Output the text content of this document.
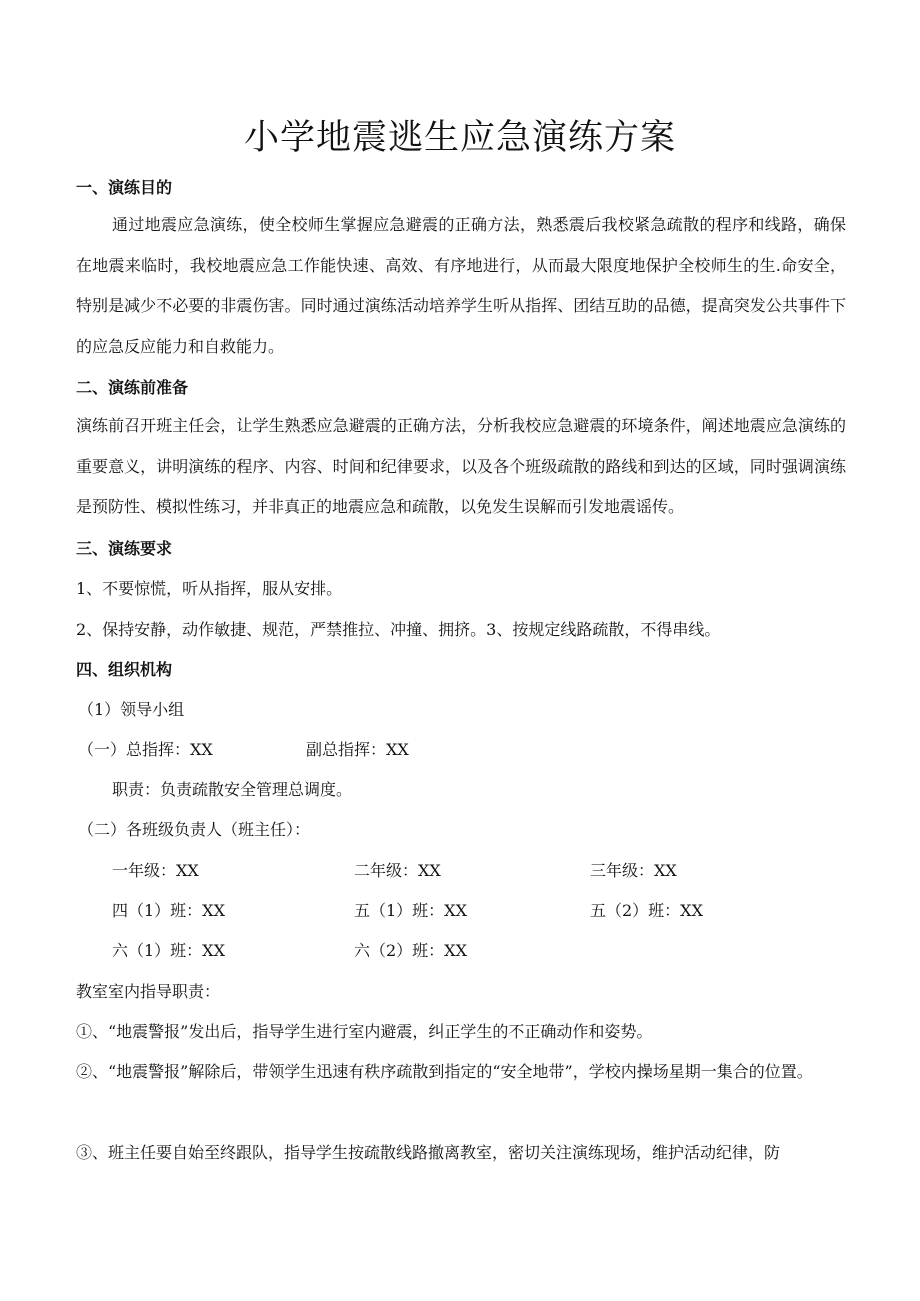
小学地震逃生应急演练方案
一、演练目的
通过地震应急演练，使全校师生掌握应急避震的正确方法，熟悉震后我校紧急疏散的程序和线路，确保在地震来临时，我校地震应急工作能快速、高效、有序地进行，从而最大限度地保护全校师生的生.命安全，特别是减少不必要的非震伤害。同时通过演练活动培养学生听从指挥、团结互助的品德，提高突发公共事件下的应急反应能力和自救能力。
二、演练前准备
演练前召开班主任会，让学生熟悉应急避震的正确方法，分析我校应急避震的环境条件，阐述地震应急演练的重要意义，讲明演练的程序、内容、时间和纪律要求，以及各个班级疏散的路线和到达的区域，同时强调演练是预防性、模拟性练习，并非真正的地震应急和疏散，以免发生误解而引发地震谣传。
三、演练要求
1、不要惊慌，听从指挥，服从安排。
2、保持安静，动作敏捷、规范，严禁推拉、冲撞、拥挤。3、按规定线路疏散，不得串线。
四、组织机构
（1）领导小组
（一）总指挥：XX	副总指挥：XX
职责：负责疏散安全管理总调度。
（二）各班级负责人（班主任）：
一年级：XX	二年级：XX	三年级：XX
四（1）班：XX	五（1）班：XX	五（2）班：XX
六（1）班：XX	六（2）班：XX
教室室内指导职责：
①、“地震警报”发出后，指导学生进行室内避震，纠正学生的不正确动作和姿势。
②、“地震警报”解除后，带领学生迅速有秩序疏散到指定的“安全地带”，学校内操场星期一集合的位置。
③、班主任要自始至终跟队，指导学生按疏散线路撤离教室，密切关注演练现场，维护活动纪律，防
